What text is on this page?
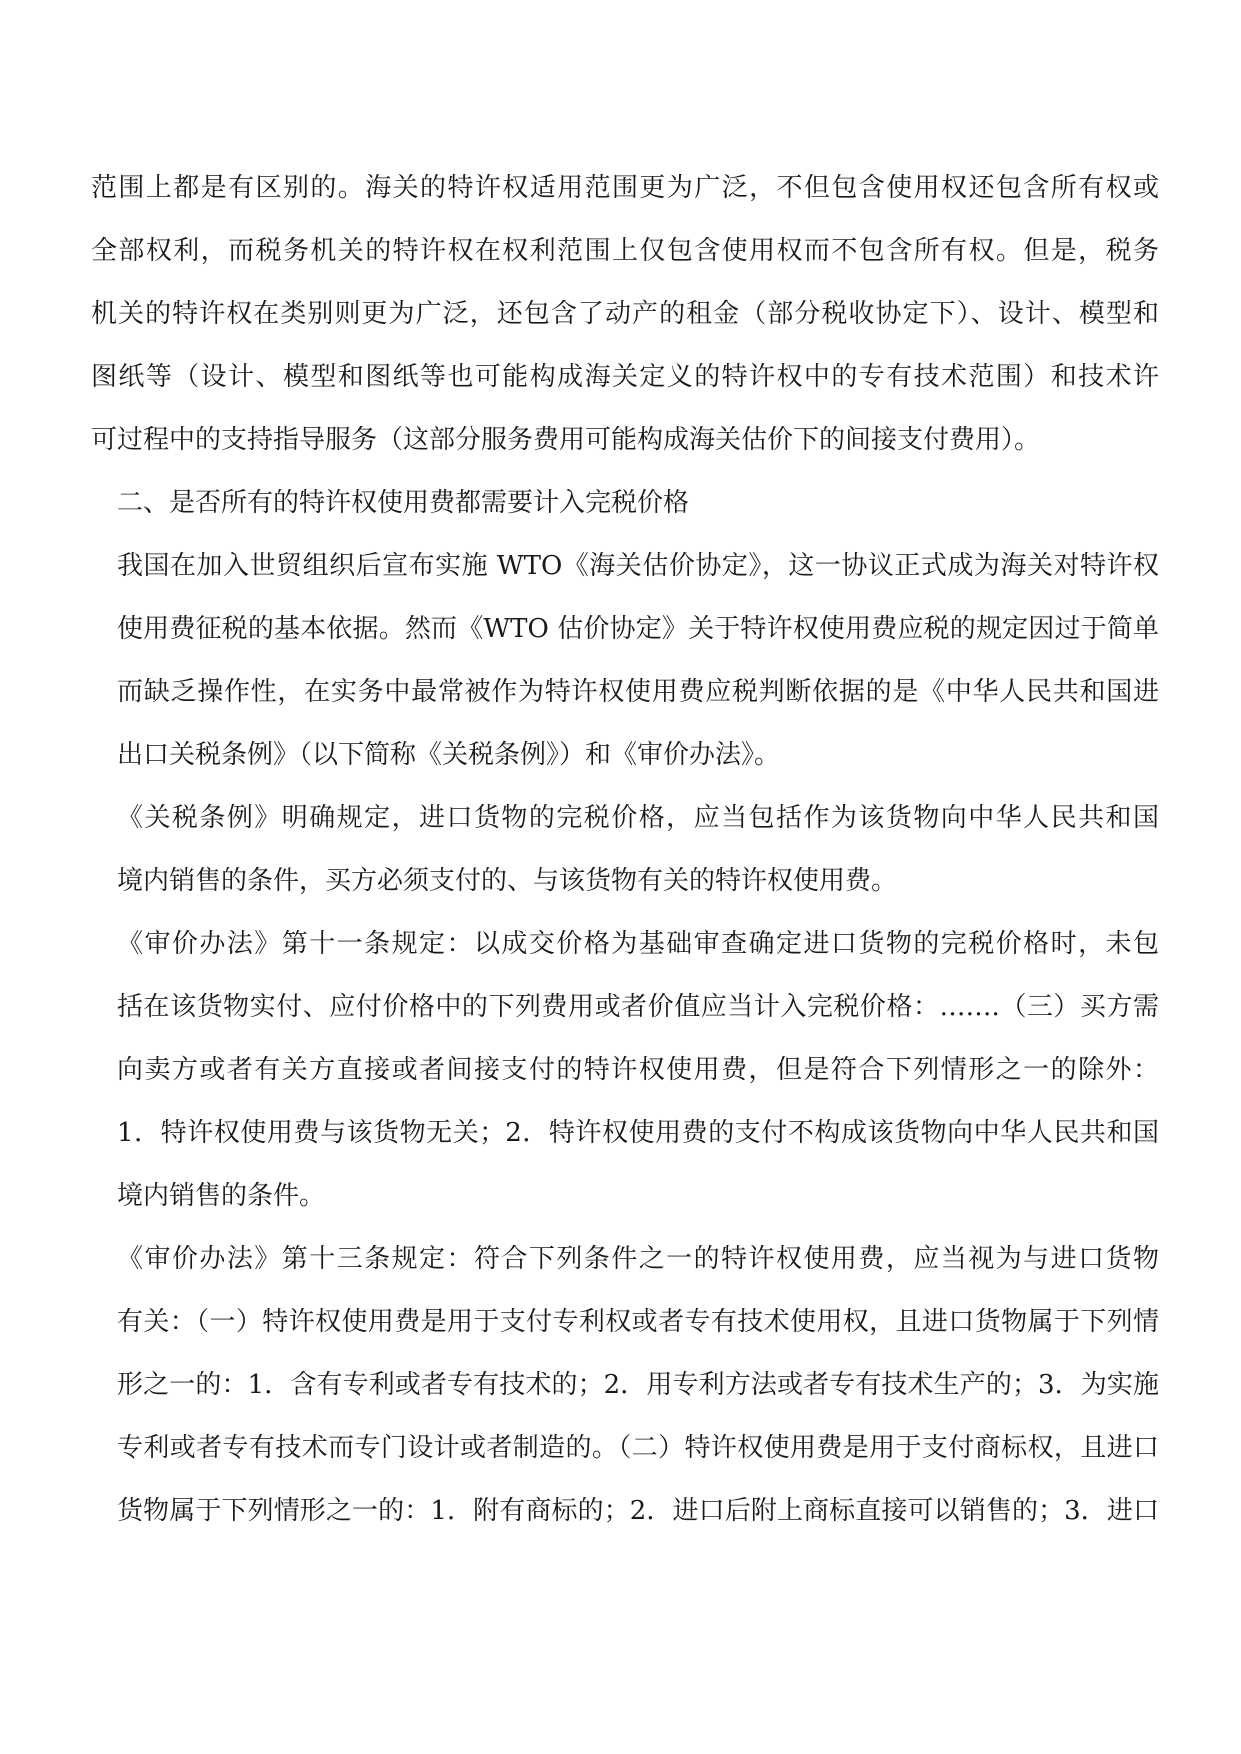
范围上都是有区别的。海关的特许权适用范围更为广泛，不但包含使用权还包含所有权或
全部权利，而税务机关的特许权在权利范围上仅包含使用权而不包含所有权。但是，税务
机关的特许权在类别则更为广泛，还包含了动产的租金（部分税收协定下）、设计、模型和
图纸等（设计、模型和图纸等也可能构成海关定义的特许权中的专有技术范围）和技术许
可过程中的支持指导服务（这部分服务费用可能构成海关估价下的间接支付费用）。
二、是否所有的特许权使用费都需要计入完税价格
我国在加入世贸组织后宣布实施 WTO《海关估价协定》，这一协议正式成为海关对特许权
使用费征税的基本依据。然而《WTO 估价协定》关于特许权使用费应税的规定因过于简单
而缺乏操作性，在实务中最常被作为特许权使用费应税判断依据的是《中华人民共和国进
出口关税条例》（以下简称《关税条例》）和《审价办法》。
《关税条例》明确规定，进口货物的完税价格，应当包括作为该货物向中华人民共和国
境内销售的条件，买方必须支付的、与该货物有关的特许权使用费。
《审价办法》第十一条规定：以成交价格为基础审查确定进口货物的完税价格时，未包
括在该货物实付、应付价格中的下列费用或者价值应当计入完税价格：…….（三）买方需
向卖方或者有关方直接或者间接支付的特许权使用费，但是符合下列情形之一的除外：
1．特许权使用费与该货物无关；2．特许权使用费的支付不构成该货物向中华人民共和国
境内销售的条件。
《审价办法》第十三条规定：符合下列条件之一的特许权使用费，应当视为与进口货物
有关：（一）特许权使用费是用于支付专利权或者专有技术使用权，且进口货物属于下列情
形之一的：1．含有专利或者专有技术的；2．用专利方法或者专有技术生产的；3．为实施
专利或者专有技术而专门设计或者制造的。（二）特许权使用费是用于支付商标权，且进口
货物属于下列情形之一的：1．附有商标的；2．进口后附上商标直接可以销售的；3．进口
